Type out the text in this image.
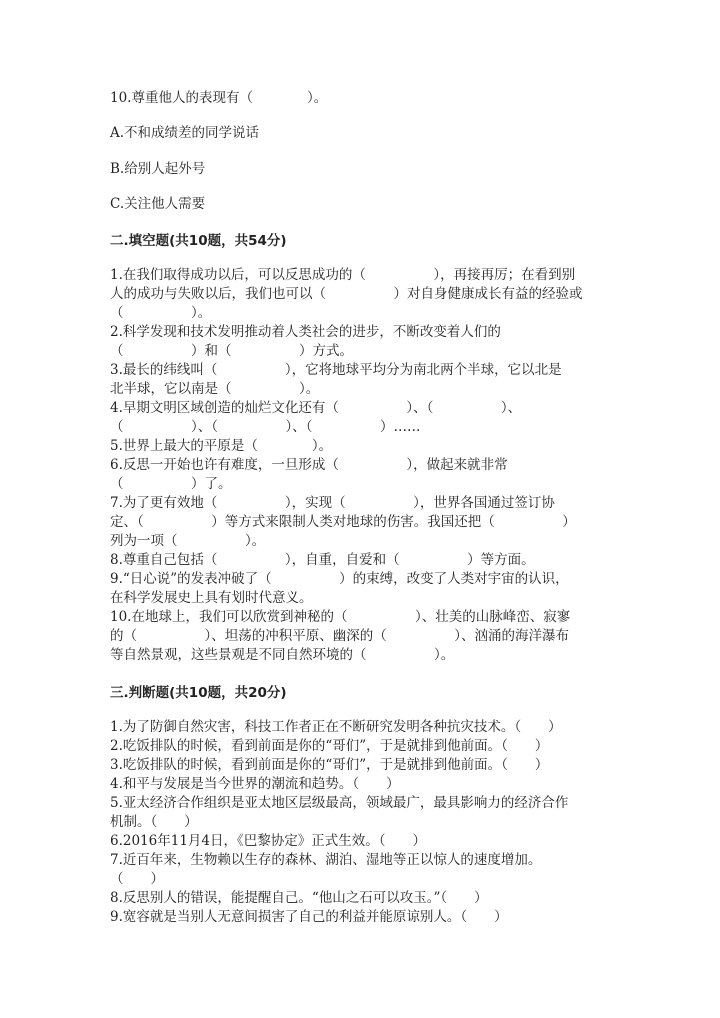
10.尊重他人的表现有（　　　　）。
A.不和成绩差的同学说话
B.给别人起外号
C.关注他人需要
二.填空题(共10题，共54分)
1.在我们取得成功以后，可以反思成功的（　　　　　），再接再厉；在看到别
人的成功与失败以后，我们也可以（　　　　　）对自身健康成长有益的经验或
（　　　　　）。
2.科学发现和技术发明推动着人类社会的进步，不断改变着人们的
（　　　　　）和（　　　　　）方式。
3.最长的纬线叫（　　　　　），它将地球平均分为南北两个半球，它以北是
北半球，它以南是（　　　　　）。
4.早期文明区域创造的灿烂文化还有（　　　　　）、（　　　　　）、
（　　　　　）、（　　　　　）、（　　　　　）……
5.世界上最大的平原是（　　　　）。
6.反思一开始也许有难度，一旦形成（　　　　　），做起来就非常
（　　　　　）了。
7.为了更有效地（　　　　　），实现（　　　　　），世界各国通过签订协
定、（　　　　　）等方式来限制人类对地球的伤害。我国还把（　　　　　）
列为一项（　　　　　）。
8.尊重自己包括（　　　　　），自重，自爱和（　　　　　）等方面。
9.“日心说”的发表冲破了（　　　　　）的束缚，改变了人类对宇宙的认识，
在科学发展史上具有划时代意义。
10.在地球上，我们可以欣赏到神秘的（　　　　　）、壮美的山脉峰峦、寂寥
的（　　　　　）、坦荡的冲积平原、幽深的（　　　　　）、汹涌的海洋瀑布
等自然景观，这些景观是不同自然环境的（　　　　　）。
三.判断题(共10题，共20分)
1.为了防御自然灾害，科技工作者正在不断研究发明各种抗灾技术。（　　）
2.吃饭排队的时候，看到前面是你的“哥们”，于是就排到他前面。（　　）
3.吃饭排队的时候，看到前面是你的“哥们”，于是就排到他前面。（　　）
4.和平与发展是当今世界的潮流和趋势。（　　）
5.亚太经济合作组织是亚太地区层级最高，领域最广，最具影响力的经济合作
机制。（　　）
6.2016年11月4日，《巴黎协定》正式生效。（　　）
7.近百年来，生物赖以生存的森林、湖泊、湿地等正以惊人的速度增加。
（　　）
8.反思别人的错误，能提醒自己。“他山之石可以攻玉。”（　　）
9.宽容就是当别人无意间损害了自己的利益并能原谅别人。（　　）
